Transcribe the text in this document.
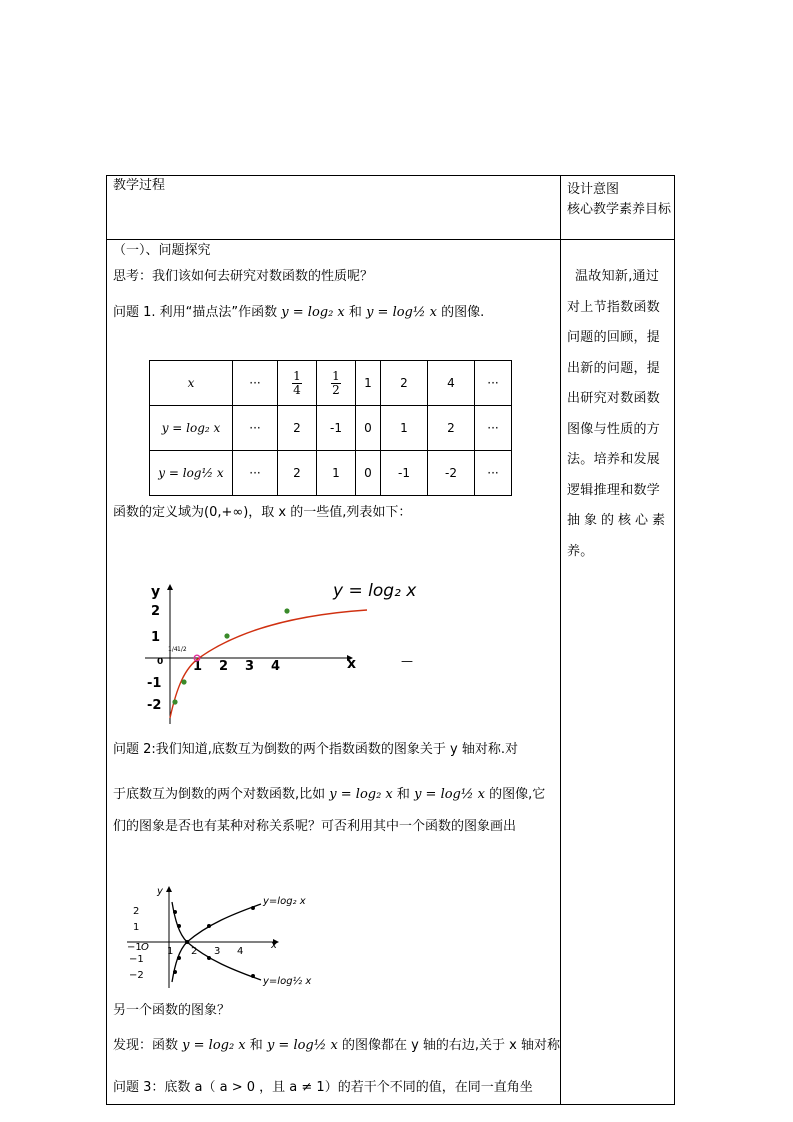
教学过程	设计意图
核心教学素养目标
（一）、问题探究
思考：我们该如何去研究对数函数的性质呢？
问题 1. 利用“描点法”作函数 y = log₂ x 和 y = log½ x 的图像.
x	···	$\frac{1}{4}$	$\frac{1}{2}$	1	2	4	···
y = log₂ x	···	2	-1	0	1	2	···
y = log½ x	···	2	1	0	-1	-2	···
函数的定义域为(0,+∞)，取 x 的一些值,列表如下：
y
x
2
1
-1
-2
0 1 2 3 4
1/4 1/2
y = log₂ x
—
问题 2:我们知道,底数互为倒数的两个指数函数的图象关于 y 轴对称.对
于底数互为倒数的两个对数函数,比如 y = log₂ x 和 y = log½ x 的图像,它
们的图象是否也有某种对称关系呢？可否利用其中一个函数的图象画出
y
x
−1 O 1 2 3 4
2
1
−1
−2
y=log₂ x
y=log½ x
另一个函数的图象？
发现：函数 y = log₂ x 和 y = log½ x 的图像都在 y 轴的右边,关于 x 轴对称
问题 3：底数 a（ a > 0 ，且 a ≠ 1）的若干个不同的值，在同一直角坐
温故知新,通过
对上节指数函数
问题的回顾，提
出新的问题，提
出研究对数函数
图像与性质的方
法。培养和发展
逻辑推理和数学
抽象的核心素
养。
